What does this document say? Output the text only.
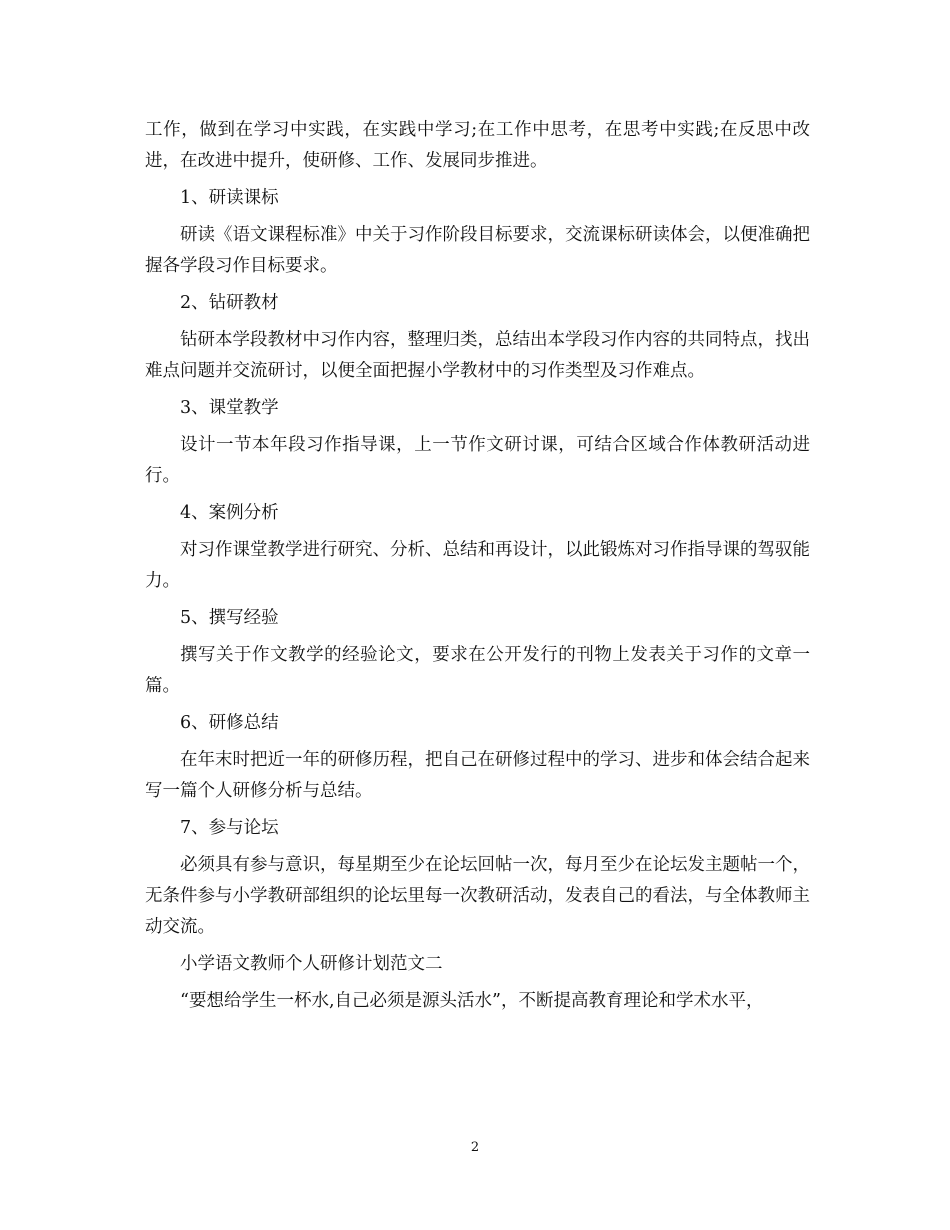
工作，做到在学习中实践，在实践中学习;在工作中思考，在思考中实践;在反思中改进，在改进中提升，使研修、工作、发展同步推进。

1、研读课标

研读《语文课程标准》中关于习作阶段目标要求，交流课标研读体会，以便准确把握各学段习作目标要求。

2、钻研教材

钻研本学段教材中习作内容，整理归类，总结出本学段习作内容的共同特点，找出难点问题并交流研讨，以便全面把握小学教材中的习作类型及习作难点。

3、课堂教学

设计一节本年段习作指导课，上一节作文研讨课，可结合区域合作体教研活动进行。

4、案例分析

对习作课堂教学进行研究、分析、总结和再设计，以此锻炼对习作指导课的驾驭能力。

5、撰写经验

撰写关于作文教学的经验论文，要求在公开发行的刊物上发表关于习作的文章一篇。

6、研修总结

在年末时把近一年的研修历程，把自己在研修过程中的学习、进步和体会结合起来写一篇个人研修分析与总结。

7、参与论坛

必须具有参与意识，每星期至少在论坛回帖一次，每月至少在论坛发主题帖一个，无条件参与小学教研部组织的论坛里每一次教研活动，发表自己的看法，与全体教师主动交流。

小学语文教师个人研修计划范文二

“要想给学生一杯水,自己必须是源头活水”，不断提高教育理论和学术水平，

2
